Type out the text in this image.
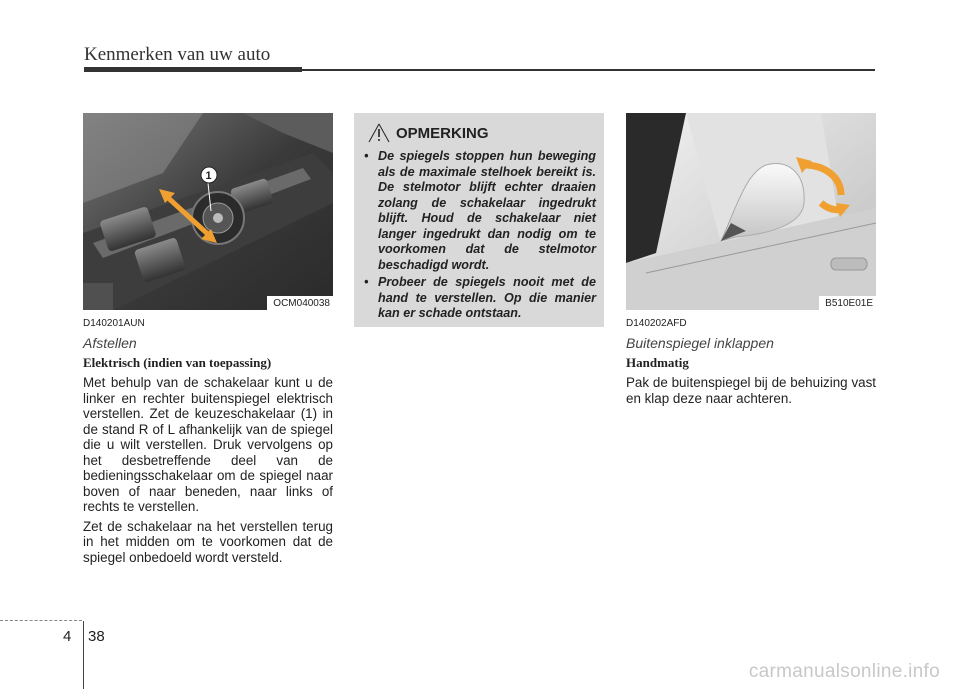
Kenmerken van uw auto
1
OCM040038
D140201AUN
Afstellen
Elektrisch (indien van toepassing)

Met behulp van de schakelaar kunt u de linker en rechter buitenspiegel elektrisch verstellen. Zet de keuzeschakelaar (1) in de stand R of L afhankelijk van de spiegel die u wilt verstellen. Druk vervolgens op het desbetreffende deel van de bedieningsschakelaar om de spiegel naar boven of naar beneden, naar links of rechts te verstellen.

Zet de schakelaar na het verstellen terug in het midden om te voorkomen dat de spiegel onbedoeld wordt versteld.

OPMERKING
• De spiegels stoppen hun beweging als de maximale stelhoek bereikt is. De stelmotor blijft echter draaien zolang de schakelaar ingedrukt blijft. Houd de schakelaar niet langer ingedrukt dan nodig om te voorkomen dat de stelmotor beschadigd wordt.
• Probeer de spiegels nooit met de hand te verstellen. Op die manier kan er schade ontstaan.
B510E01E
D140202AFD
Buitenspiegel inklappen
Handmatig

Pak de buitenspiegel bij de behuizing vast en klap deze naar achteren.

4 38
carmanualsonline.info
